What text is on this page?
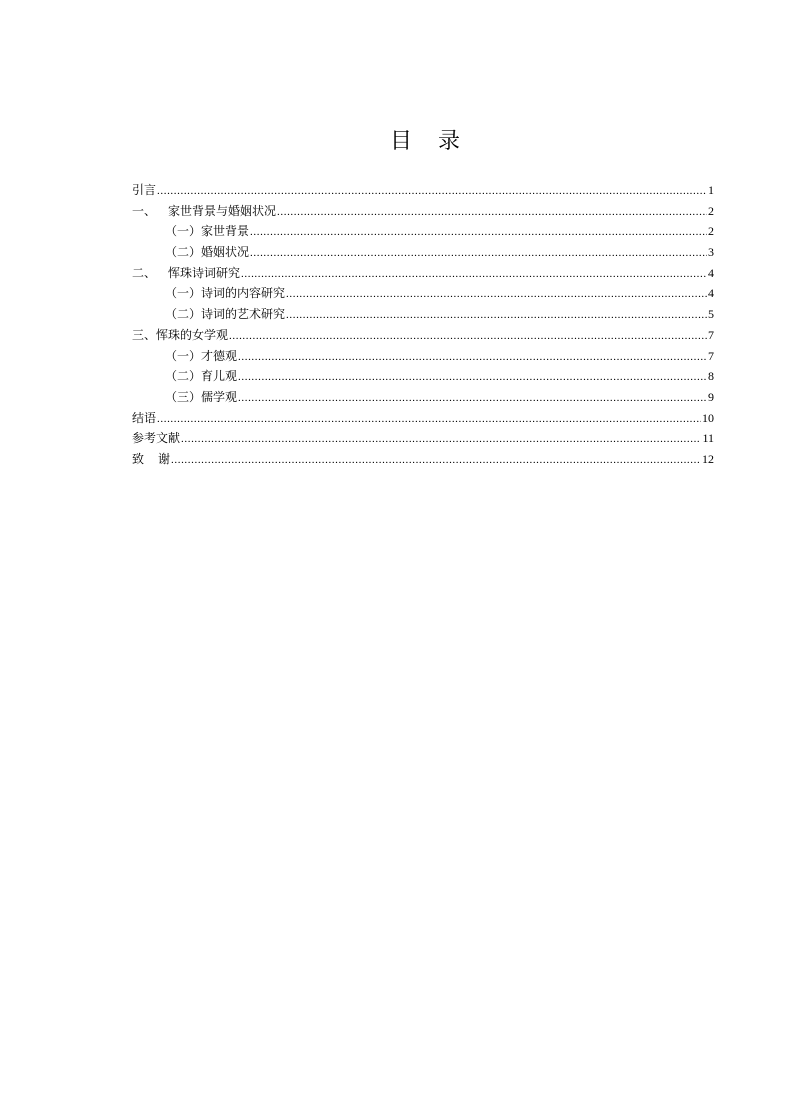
目 录
引言 .....	1
一、 家世背景与婚姻状况 .....	2
（一）家世背景 .....	2
（二）婚姻状况 .....	3
二、 恽珠诗词研究 .....	4
（一）诗词的内容研究 .....	4
（二）诗词的艺术研究 .....	5
三、恽珠的女学观 .....	7
（一）才德观 .....	7
（二）育儿观 .....	8
（三）儒学观 .....	9
结语 .....	10
参考文献 .....	11
致 谢 .....	12
